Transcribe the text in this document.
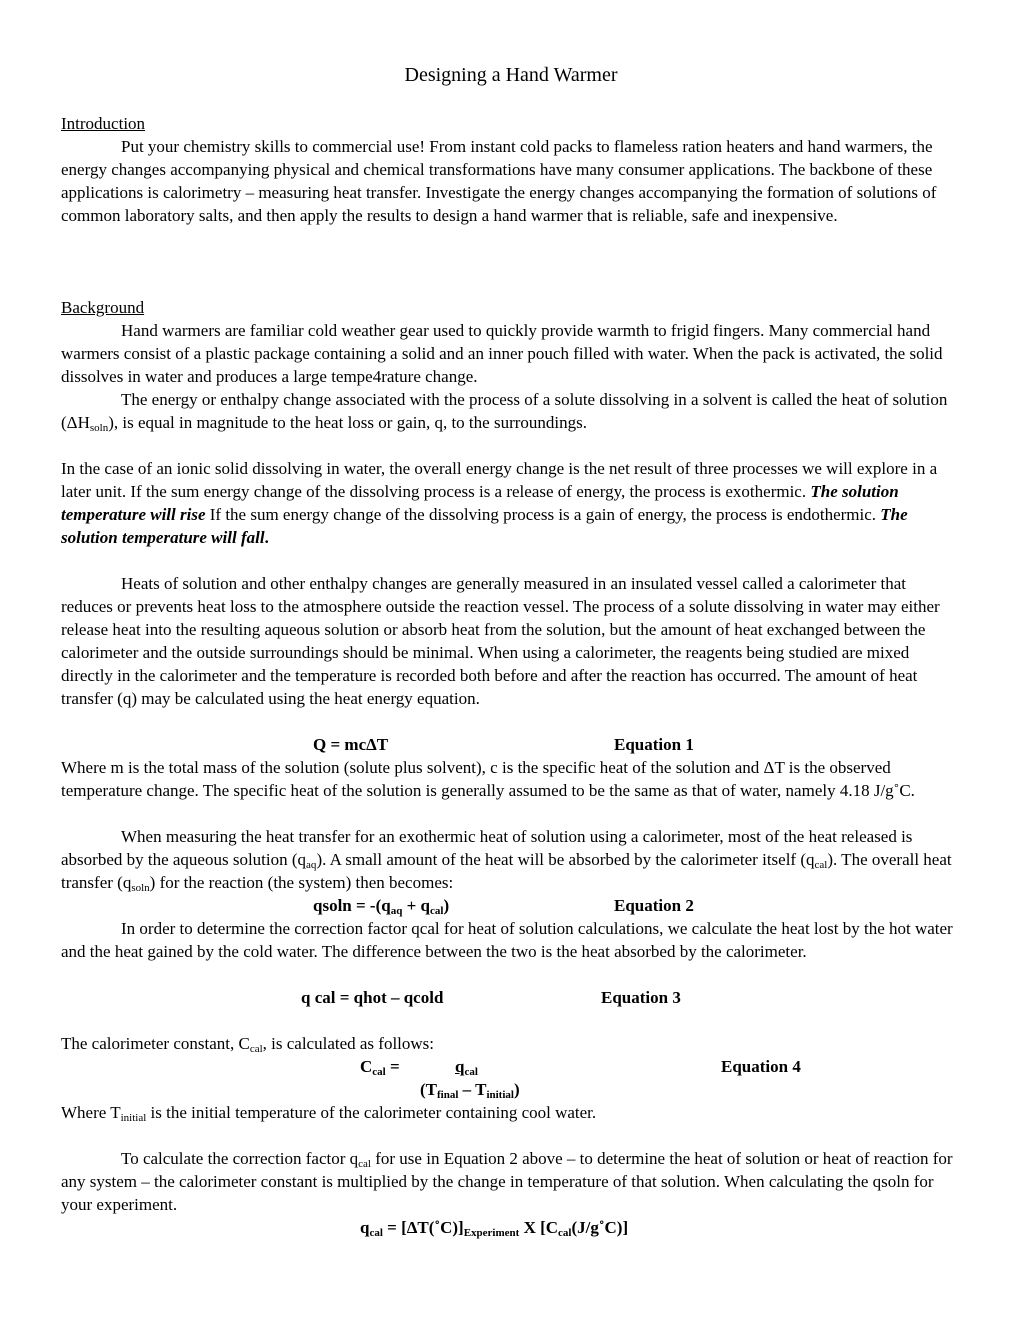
Designing a Hand Warmer
Introduction

Put your chemistry skills to commercial use! From instant cold packs to flameless ration heaters and hand warmers, the energy changes accompanying physical and chemical transformations have many consumer applications. The backbone of these applications is calorimetry – measuring heat transfer. Investigate the energy changes accompanying the formation of solutions of common laboratory salts, and then apply the results to design a hand warmer that is reliable, safe and inexpensive.

Background

Hand warmers are familiar cold weather gear used to quickly provide warmth to frigid fingers. Many commercial hand warmers consist of a plastic package containing a solid and an inner pouch filled with water. When the pack is activated, the solid dissolves in water and produces a large tempe4rature change.

The energy or enthalpy change associated with the process of a solute dissolving in a solvent is called the heat of solution $(\Delta H_{soln})$, is equal in magnitude to the heat loss or gain, q, to the surroundings.

In the case of an ionic solid dissolving in water, the overall energy change is the net result of three processes we will explore in a later unit. If the sum energy change of the dissolving process is a release of energy, the process is exothermic. The solution temperature will rise If the sum energy change of the dissolving process is a gain of energy, the process is endothermic. The solution temperature will fall.

Heats of solution and other enthalpy changes are generally measured in an insulated vessel called a calorimeter that reduces or prevents heat loss to the atmosphere outside the reaction vessel. The process of a solute dissolving in water may either release heat into the resulting aqueous solution or absorb heat from the solution, but the amount of heat exchanged between the calorimeter and the outside surroundings should be minimal. When using a calorimeter, the reagents being studied are mixed directly in the calorimeter and the temperature is recorded both before and after the reaction has occurred. The amount of heat transfer (q) may be calculated using the heat energy equation.

Q = mcΔT	Equation 1

Where m is the total mass of the solution (solute plus solvent), c is the specific heat of the solution and ΔT is the observed temperature change. The specific heat of the solution is generally assumed to be the same as that of water, namely 4.18 J/g˚C.

When measuring the heat transfer for an exothermic heat of solution using a calorimeter, most of the heat released is absorbed by the aqueous solution $(q_{aq})$. A small amount of the heat will be absorbed by the calorimeter itself $(q_{cal})$. The overall heat transfer $(q_{soln})$ for the reaction (the system) then becomes:

$qsoln = -(q_{aq} + q_{cal})$	Equation 2

In order to determine the correction factor qcal for heat of solution calculations, we calculate the heat lost by the hot water and the heat gained by the cold water. The difference between the two is the heat absorbed by the calorimeter.

q cal = qhot – qcold	Equation 3

The calorimeter constant, $C_{cal}$, is calculated as follows:

$C_{cal}$ =	$q_{cal}$	Equation 4
$(T_{final} - T_{initial})$

Where $T_{initial}$ is the initial temperature of the calorimeter containing cool water.

To calculate the correction factor $q_{cal}$ for use in Equation 2 above – to determine the heat of solution or heat of reaction for any system – the calorimeter constant is multiplied by the change in temperature of that solution. When calculating the qsoln for your experiment.

$q_{cal}$ = $[\Delta T(˚C)]_{Experiment}$ X $[C_{cal}(J/g˚C)]$
